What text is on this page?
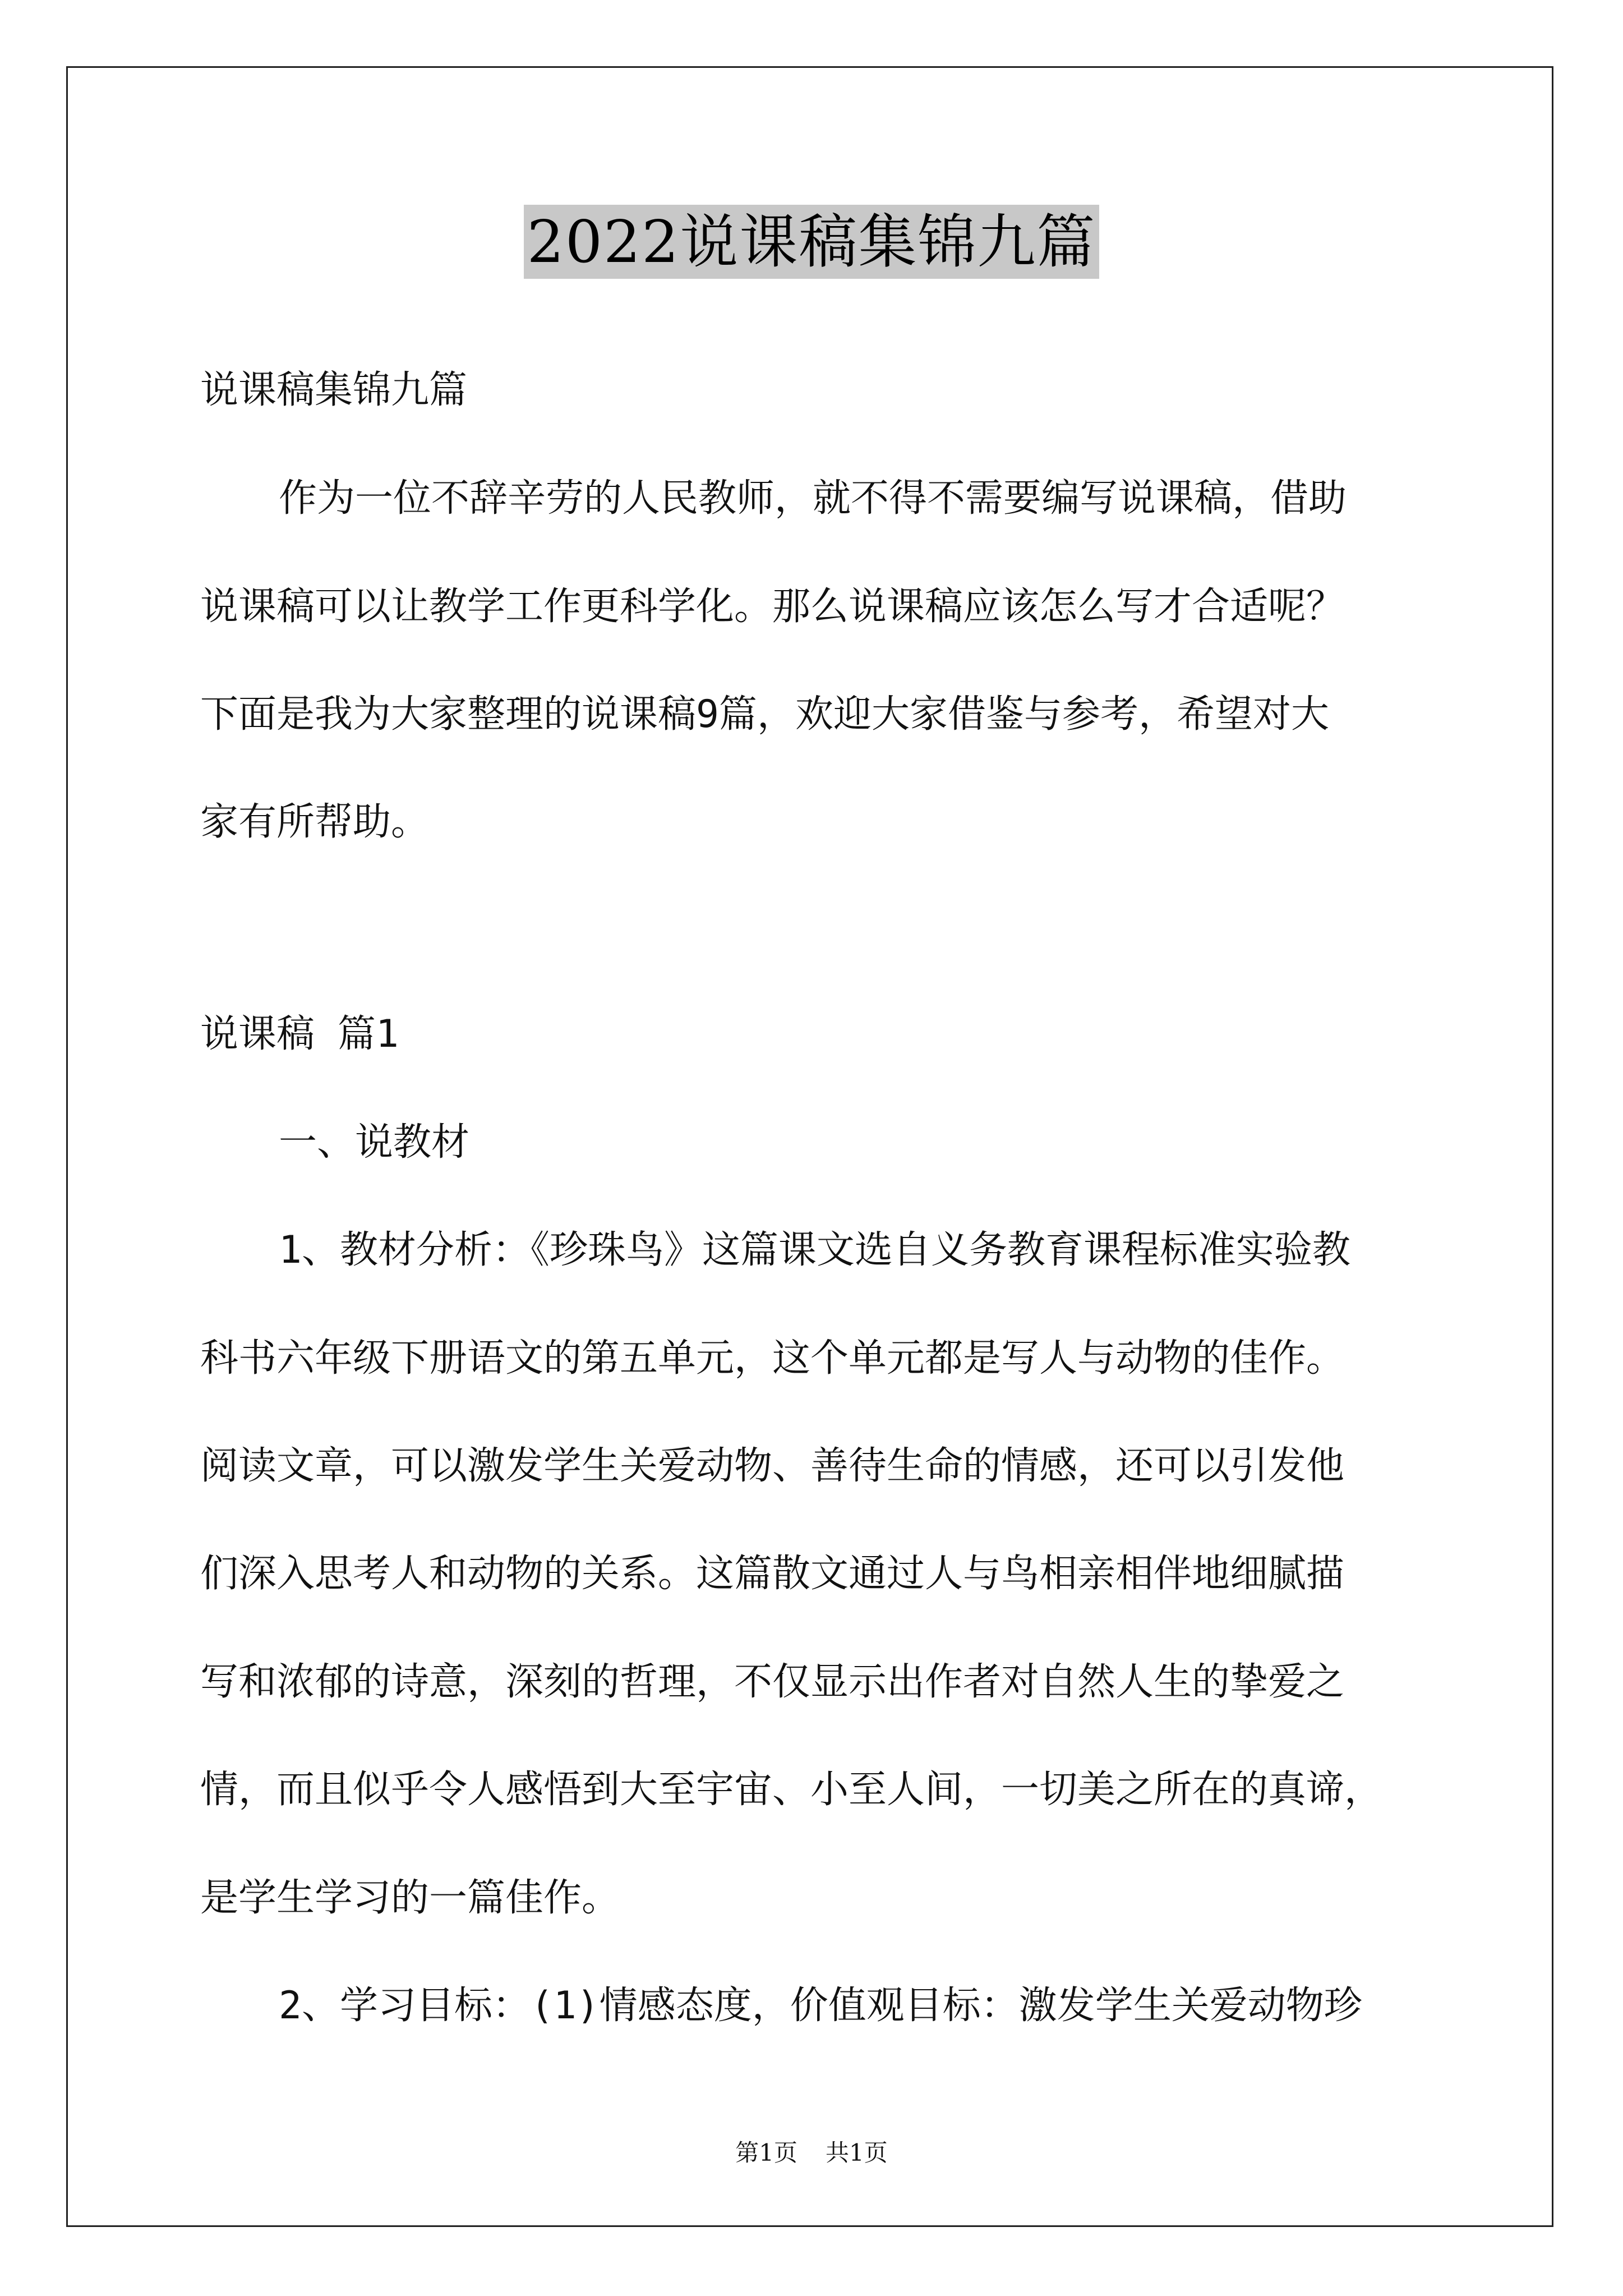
2022说课稿集锦九篇
说课稿集锦九篇
作为一位不辞辛劳的人民教师，就不得不需要编写说课稿，借助
说课稿可以让教学工作更科学化。那么说课稿应该怎么写才合适呢？
下面是我为大家整理的说课稿9篇，欢迎大家借鉴与参考，希望对大
家有所帮助。
说课稿 篇1
一、说教材
1、教材分析：《珍珠鸟》这篇课文选自义务教育课程标准实验教
科书六年级下册语文的第五单元，这个单元都是写人与动物的佳作。
阅读文章，可以激发学生关爱动物、善待生命的情感，还可以引发他
们深入思考人和动物的关系。这篇散文通过人与鸟相亲相伴地细腻描
写和浓郁的诗意，深刻的哲理，不仅显示出作者对自然人生的挚爱之
情，而且似乎令人感悟到大至宇宙、小至人间，一切美之所在的真谛，
是学生学习的一篇佳作。
2、学习目标：(1)情感态度，价值观目标：激发学生关爱动物珍
第1页 共1页
